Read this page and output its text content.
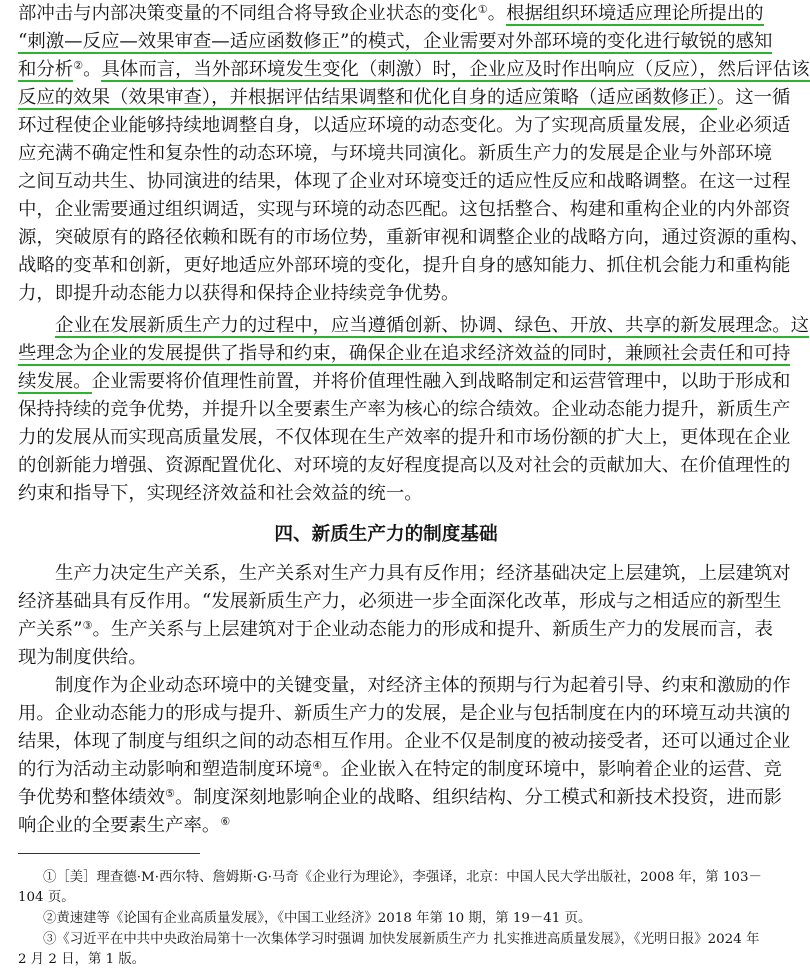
部冲击与内部决策变量的不同组合将导致企业状态的变化①。根据组织环境适应理论所提出的
“刺激—反应—效果审查—适应函数修正”的模式，企业需要对外部环境的变化进行敏锐的感知
和分析②。具体而言，当外部环境发生变化（刺激）时，企业应及时作出响应（反应），然后评估该
反应的效果（效果审查），并根据评估结果调整和优化自身的适应策略（适应函数修正）。这一循
环过程使企业能够持续地调整自身，以适应环境的动态变化。为了实现高质量发展，企业必须适
应充满不确定性和复杂性的动态环境，与环境共同演化。新质生产力的发展是企业与外部环境
之间互动共生、协同演进的结果，体现了企业对环境变迁的适应性反应和战略调整。在这一过程
中，企业需要通过组织调适，实现与环境的动态匹配。这包括整合、构建和重构企业的内外部资
源，突破原有的路径依赖和既有的市场位势，重新审视和调整企业的战略方向，通过资源的重构、
战略的变革和创新，更好地适应外部环境的变化，提升自身的感知能力、抓住机会能力和重构能
力，即提升动态能力以获得和保持企业持续竞争优势。
企业在发展新质生产力的过程中，应当遵循创新、协调、绿色、开放、共享的新发展理念。这
些理念为企业的发展提供了指导和约束，确保企业在追求经济效益的同时，兼顾社会责任和可持
续发展。企业需要将价值理性前置，并将价值理性融入到战略制定和运营管理中，以助于形成和
保持持续的竞争优势，并提升以全要素生产率为核心的综合绩效。企业动态能力提升，新质生产
力的发展从而实现高质量发展，不仅体现在生产效率的提升和市场份额的扩大上，更体现在企业
的创新能力增强、资源配置优化、对环境的友好程度提高以及对社会的贡献加大、在价值理性的
约束和指导下，实现经济效益和社会效益的统一。
四、新质生产力的制度基础
生产力决定生产关系，生产关系对生产力具有反作用；经济基础决定上层建筑，上层建筑对
经济基础具有反作用。“发展新质生产力，必须进一步全面深化改革，形成与之相适应的新型生
产关系”③。生产关系与上层建筑对于企业动态能力的形成和提升、新质生产力的发展而言，表
现为制度供给。
制度作为企业动态环境中的关键变量，对经济主体的预期与行为起着引导、约束和激励的作
用。企业动态能力的形成与提升、新质生产力的发展，是企业与包括制度在内的环境互动共演的
结果，体现了制度与组织之间的动态相互作用。企业不仅是制度的被动接受者，还可以通过企业
的行为活动主动影响和塑造制度环境④。企业嵌入在特定的制度环境中，影响着企业的运营、竞
争优势和整体绩效⑤。制度深刻地影响企业的战略、组织结构、分工模式和新技术投资，进而影
响企业的全要素生产率。⑥
①［美］理查德·M·西尔特、詹姆斯·G·马奇《企业行为理论》，李强译，北京：中国人民大学出版社，2008 年，第 103－
104 页。
②黄速建等《论国有企业高质量发展》，《中国工业经济》2018 年第 10 期，第 19－41 页。
③《习近平在中共中央政治局第十一次集体学习时强调 加快发展新质生产力 扎实推进高质量发展》，《光明日报》2024 年
2 月 2 日，第 1 版。
